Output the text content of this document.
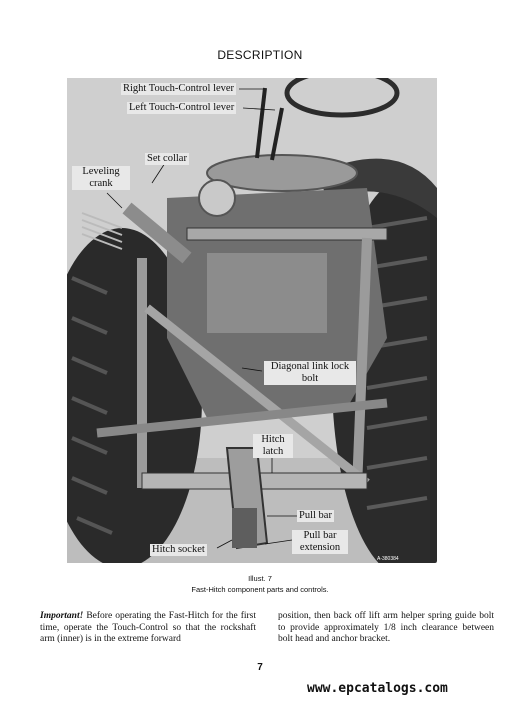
DESCRIPTION
A-380384
Right Touch-Control lever
Left Touch-Control lever
Set collar
Leveling crank
Diagonal link lock bolt
Hitch latch
Pull bar
Hitch socket
Pull bar extension
Illust. 7
Fast-Hitch component parts and controls.
Important! Before operating the Fast-Hitch for the first time, operate the Touch-Control so that the rockshaft arm (inner) is in the extreme forward
position, then back off lift arm helper spring guide bolt to provide approximately 1/8 inch clearance between bolt head and anchor bracket.
7
www.epcatalogs.com
